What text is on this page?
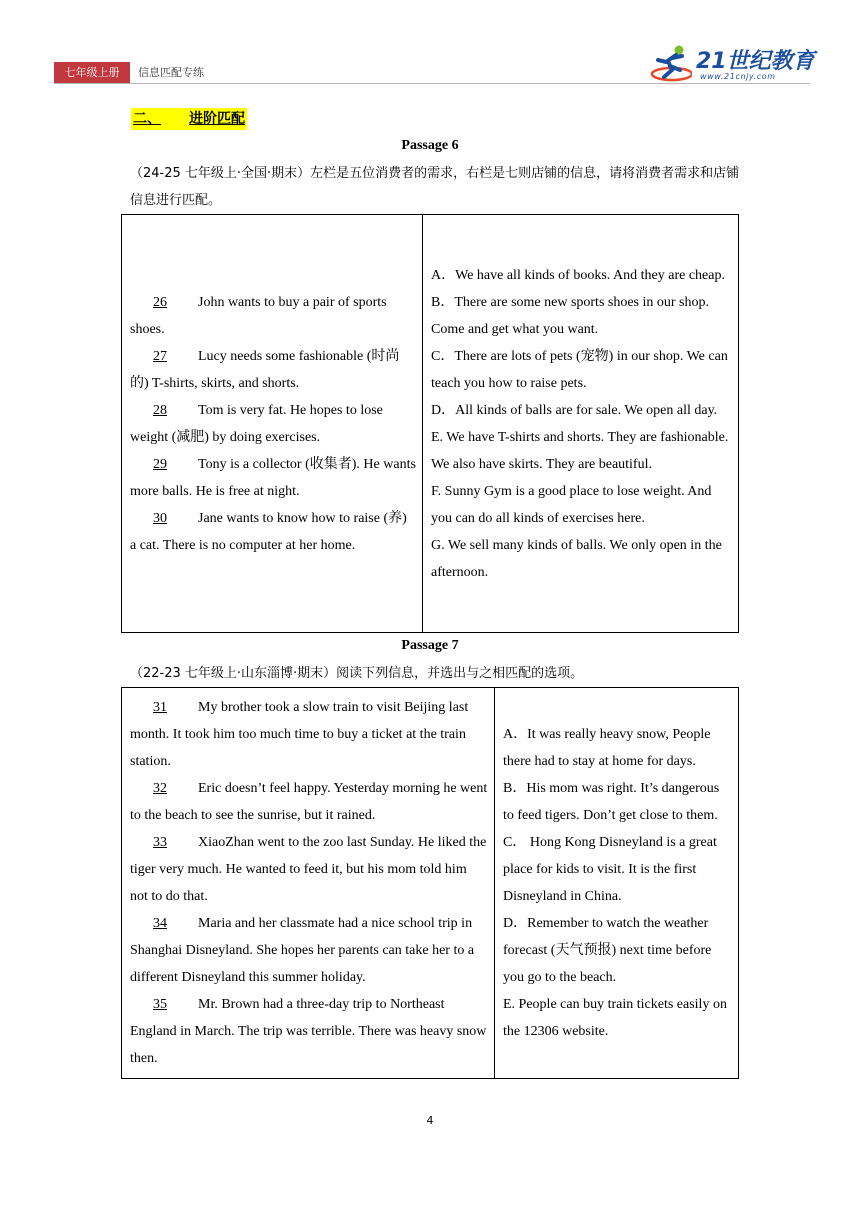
七年级上册	信息匹配专练	21世纪教育
www.21cnjy.com
二、 进阶匹配
Passage 6
（24-25 七年级上·全国·期末）左栏是五位消费者的需求，右栏是七则店铺的信息，请将消费者需求和店铺信息进行匹配。
26 John wants to buy a pair of sports shoes.
27 Lucy needs some fashionable (时尚的) T-shirts, skirts, and shorts.
28 Tom is very fat. He hopes to lose weight (减肥) by doing exercises.
29 Tony is a collector (收集者). He wants more balls. He is free at night.
30 Jane wants to know how to raise (养) a cat. There is no computer at her home.

A．We have all kinds of books. And they are cheap.
B．There are some new sports shoes in our shop. Come and get what you want.
C．There are lots of pets (宠物) in our shop. We can teach you how to raise pets.
D．All kinds of balls are for sale. We open all day.
E. We have T-shirts and shorts. They are fashionable. We also have skirts. They are beautiful.
F. Sunny Gym is a good place to lose weight. And you can do all kinds of exercises here.
G. We sell many kinds of balls. We only open in the afternoon.
Passage 7
（22-23 七年级上·山东淄博·期末）阅读下列信息，并选出与之相匹配的选项。
31 My brother took a slow train to visit Beijing last month. It took him too much time to buy a ticket at the train station.
32 Eric doesn’t feel happy. Yesterday morning he went to the beach to see the sunrise, but it rained.
33 XiaoZhan went to the zoo last Sunday. He liked the tiger very much. He wanted to feed it, but his mom told him not to do that.
34 Maria and her classmate had a nice school trip in Shanghai Disneyland. She hopes her parents can take her to a different Disneyland this summer holiday.
35 Mr. Brown had a three-day trip to Northeast England in March. The trip was terrible. There was heavy snow then.

A．It was really heavy snow, People there had to stay at home for days.
B．His mom was right. It’s dangerous to feed tigers. Don’t get close to them.
C． Hong Kong Disneyland is a great place for kids to visit. It is the first Disneyland in China.
D．Remember to watch the weather forecast (天气预报) next time before you go to the beach.
E. People can buy train tickets easily on the 12306 website.
4
